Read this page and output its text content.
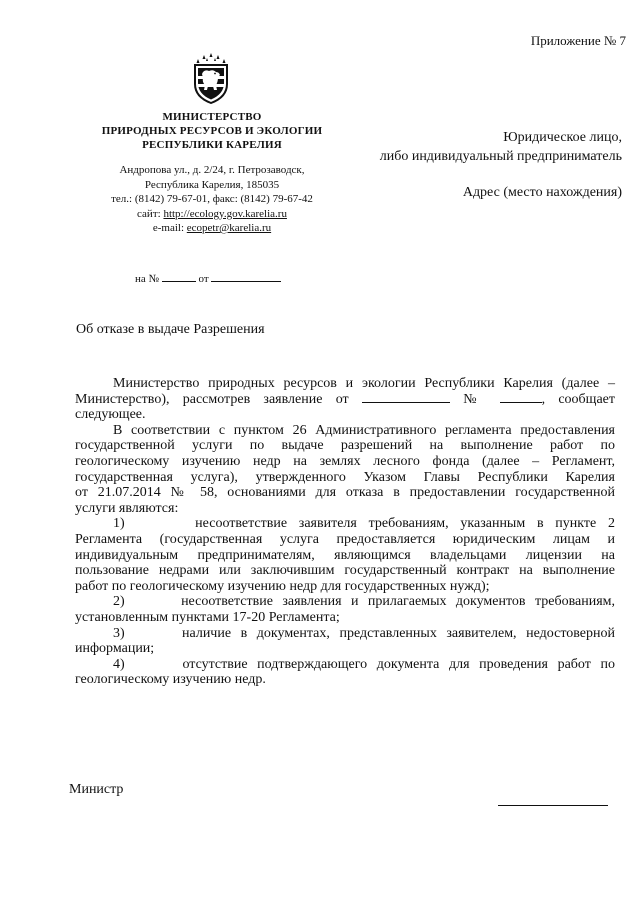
Приложение № 7
МИНИСТЕРСТВО
ПРИРОДНЫХ РЕСУРСОВ И ЭКОЛОГИИ
РЕСПУБЛИКИ КАРЕЛИЯ
Андропова ул., д. 2/24, г. Петрозаводск,
Республика Карелия, 185035
тел.: (8142) 79-67-01, факс: (8142) 79-67-42
сайт: http://ecology.gov.karelia.ru
e-mail: ecopetr@karelia.ru
Юридическое лицо,
либо индивидуальный предприниматель
Адрес (место нахождения)
на №	от
Об отказе в выдаче Разрешения
Министерство природных ресурсов и экологии Республики Карелия (далее –
Министерство), рассмотрев заявление от	№	, сообщает
следующее.
В соответствии с пунктом 26 Административного регламента предоставления
государственной услуги по выдаче разрешений на выполнение работ по
геологическому изучению недр на землях лесного фонда (далее – Регламент,
государственная услуга), утвержденного Указом Главы Республики Карелия
от 21.07.2014 № 58, основаниями для отказа в предоставлении государственной
услуги являются:
1)      несоответствие заявителя требованиям, указанным в пункте 2
Регламента (государственная услуга предоставляется юридическим лицам и
индивидуальным предпринимателям, являющимся владельцами лицензии на
пользование недрами или заключившим государственный контракт на выполнение
работ по геологическому изучению недр для государственных нужд);
2)      несоответствие заявления и прилагаемых документов требованиям,
установленным пунктами 17-20 Регламента;
3)      наличие в документах, представленных заявителем, недостоверной
информации;
4)      отсутствие подтверждающего документа для проведения работ по
геологическому изучению недр.
Министр
